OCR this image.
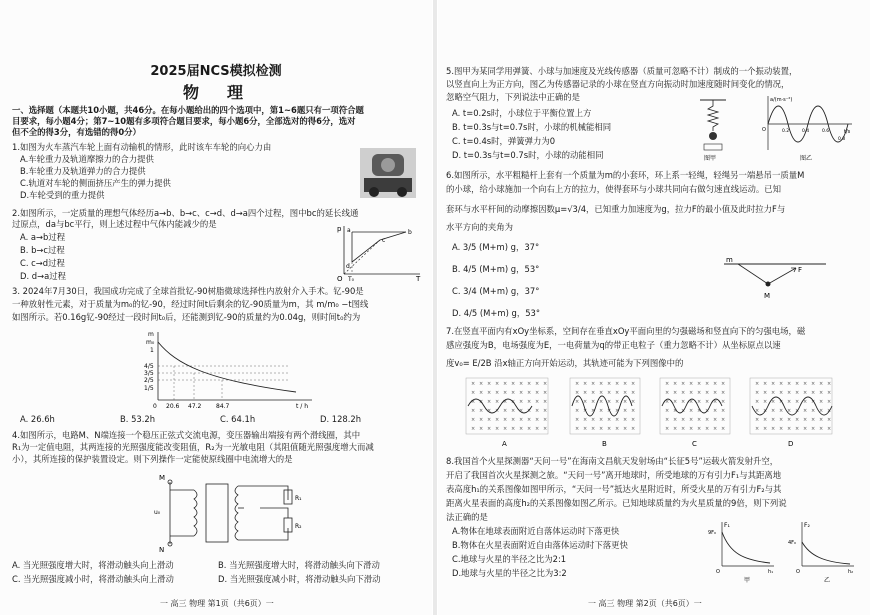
2025届NCS模拟检测
物　理
一、选择题（本题共10小题，共46分。在每小题给出的四个选项中，第1~6题只有一项符合题
目要求，每小题4分；第7~10题有多项符合题目要求，每小题6分，全部选对的得6分，选对
但不全的得3分，有选错的得0分）
1.如图为火车蒸汽车轮上面有动输机的情形，此时该车车轮的向心力由
A.车轮重力及轨道摩擦力的合力提供
B.车轮重力及轨道弹力的合力提供
C.轨道对车轮的侧面挤压产生的弹力提供
D.车轮受到的重力提供
2.如图所示，一定质量的理想气体经历a→b、b→c、c→d、d→a四个过程，图中bc的延长线通
过原点，da与bc平行，则上述过程中气体内能减少的是
A. a→b过程
B. b→c过程
C. c→d过程
D. d→a过程
p
T
O T₀
a	b
c
d
3. 2024年7月30日，我国成功完成了全球首批钇-90树脂微球选择性内放射介入手术。钇-90是
一种放射性元素，对于质量为m₀的钇-90，经过时间t后剩余的钇-90质量为m，其 m/m₀ −t图线
如图所示。若0.16g钇-90经过一段时间t₀后，还能测到钇-90的质量约为0.04g，则时间t₀约为
m
m₀
1
4/5
3/5
2/5
1/5
0 20.6 47.2 84.7	t / h
A. 26.6h	B. 53.2h	C. 64.1h	D. 128.2h
4.如图所示，电路M、N端连接一个稳压正弦式交流电源，变压器输出端接有两个滑线圈，其中
R₁为一定值电阻，其两连接的光照强度能改变阻值，R₂为一光敏电阻（其阻值随光照强度增大而减
小），其所连接的保护装置设定。则下列操作一定能使原线圈中电流增大的是
M
N
u₀
R₁
R₂
A. 当光照强度增大时，将滑动触头向上滑动	B. 当光照强度增大时，将滑动触头向下滑动
C. 当光照强度减小时，将滑动触头向上滑动	D. 当光照强度减小时，将滑动触头向下滑动
一 高三 物理 第1页（共6页）一
5.图甲为某同学用弹簧、小球与加速度及光线传感器（质量可忽略不计）制成的一个振动装置，
以竖直向上为正方向，图乙为传感器记录的小球在竖直方向振动时加速度随时间变化的情况，
忽略空气阻力，下列说法中正确的是
A. t=0.2s时，小球位于平衡位置上方
B. t=0.3s与t=0.7s时，小球的机械能相同
C. t=0.4s时，弹簧弹力为0
D. t=0.3s与t=0.7s时，小球的动能相同	图甲
a/(m·s⁻²)
t/s
O	0.2	0.4	0.6
0.8
图乙
6.如图所示，水平粗糙杆上套有一个质量为m的小套环，环上系一轻绳，轻绳另一端悬吊一质量M
的小球，给小球施加一个向右上方的拉力，使得套环与小球共同向右做匀速直线运动。已知
套环与水平杆间的动摩擦因数μ=√3/4，已知重力加速度为g，拉力F的最小值及此时拉力F与
水平方向的夹角为
A. 3/5 (M+m) g，37°
B. 4/5 (M+m) g，53°
C. 3/4 (M+m) g，37°
D. 4/5 (M+m) g，53°
m
F
M
7.在竖直平面内有xOy坐标系，空间存在垂直xOy平面向里的匀强磁场和竖直向下的匀强电场，磁
感应强度为B，电场强度为E，一电荷量为q的带正电粒子（重力忽略不计）从坐标原点以速
度v₀= E/2B 沿x轴正方向开始运动，其轨迹可能为下列图像中的
×
×
×
×
×
×
×
×
×
×
×
×
×
×
×
×
×
×
×
×
×
×
×
×
×
×
×
×
×
×
×
×
×
×
×
×
×
×
×
×
×
×
×
×
×
×
×
×
×
×
×
×
×
×
×
×
×
×
×
×
×
×
×
×
×
×
×
×
×
×
×
×
×
×
×
×
×
×
×
×
×
×
×
×
×
×
×
×
×
×
×
×
×
×
×
×
×
×
×
×
×
×
×
×
×
×
×
×
×
×
×
×
×
×
×
×
×
×
×
×
×
×
×
×
×
×
×
×
×
×
×
×
×
×
×
×
×
×
×
×
×
×
×
×
×
×
×
×
×
×
×
×
×
×
×
×
×
×
×
×
×
×
×
×
×
×
×
×
×
×
×
×
×
×
×
×
×
×
×
×
×
×
×
×
×
×
×
×
×
×
×
×
×
×
×
×
×
×
×
×
×
×
×
×
×
×
×
×
×
×
×
×
×
×
×
×
A	B	C	D
8.我国首个火星探测器“天问一号”在海南文昌航天发射场由“长征5号”运载火箭发射升空，
开启了我国首次火星探测之旅。“天问一号”离开地球时，所受地球的万有引力F₁与其距离地
表高度h₁的关系图像如图甲所示，“天问一号”抵达火星附近时，所受火星的万有引力F₂与其
距离火星表面的高度h₂的关系图像如图乙所示。已知地球质量约为火星质量的9倍，则下列说
法正确的是
A.物体在地球表面附近自落体运动时下落更快
B.物体在火星表面附近自由落体运动时下落更快
C.地球与火星的半径之比为2:1
D.地球与火星的半径之比为3:2
F₁
9F₀
O	h₁
甲
F₂
4F₀
O	h₂
乙
一 高三 物理 第2页（共6页）一
